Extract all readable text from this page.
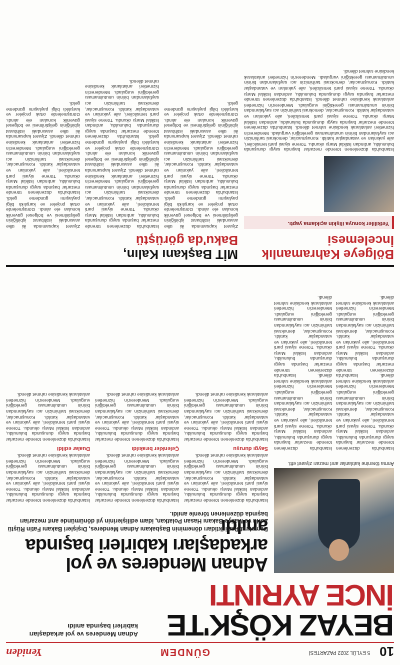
10
5 EYLÜL 2022 PAZARTESİ
GÜNDEM
Yeniden
BEYAZ KÖŞK'TE
İNCE AYRINTI
Adnan Menderes ve yol arkadaşları kabirleri başında anıldı
Anma törenine katılanlar anıt mezarı ziyaret etti.
Adnan Menderes ve yol arkadaşları kabirleri başında anıldı
Demokrat Parti iktidarı döneminin Başbakanı Adnan Menderes, Dışişleri Bakanı Fatin Rüştü Zorlu ve Maliye Bakanı Hasan Polatkan, idam edilişlerinin yıl dönümünde anıt mezarları başında düzenlenen törenle anıldı.
İstanbul'da düzenlenen törende mezarlar başında saygı duruşunda bulunuldu, ardından İstiklal Marşı okundu. Törene siyasi parti temsilcileri, aile yakınları ve vatandaşlar katıldı. Konuşmacılar, demokrasi tarihimizin acı sayfalarından birinin unutulmaması gerektiğini vurguladı. Menderes'in hizmetleri anlatılarak kendisine rahmet dilendi.
Saygı duruşu
İstanbul'da düzenlenen törende mezarlar başında saygı duruşunda bulunuldu, ardından İstiklal Marşı okundu. Törene siyasi parti temsilcileri, aile yakınları ve vatandaşlar katıldı. Konuşmacılar, demokrasi tarihimizin acı sayfalarından birinin unutulmaması gerektiğini vurguladı. Menderes'in hizmetleri anlatılarak kendisine rahmet dilendi.
İstanbul'da düzenlenen törende mezarlar başında saygı duruşunda bulunuldu, ardından İstiklal Marşı okundu. Törene siyasi parti temsilcileri, aile yakınları ve vatandaşlar katıldı. Konuşmacılar, demokrasi tarihimizin acı sayfalarından birinin unutulmaması gerektiğini vurguladı. Menderes'in hizmetleri anlatılarak kendisine rahmet dilendi.
Çelenkler bırakıldı
İstanbul'da düzenlenen törende mezarlar başında saygı duruşunda bulunuldu, ardından İstiklal Marşı okundu. Törene siyasi parti temsilcileri, aile yakınları ve vatandaşlar katıldı. Konuşmacılar, demokrasi tarihimizin acı sayfalarından birinin unutulmaması gerektiğini vurguladı. Menderes'in hizmetleri anlatılarak kendisine rahmet dilendi.
İstanbul'da düzenlenen törende mezarlar başında saygı duruşunda bulunuldu, ardından İstiklal Marşı okundu. Törene siyasi parti temsilcileri, aile yakınları ve vatandaşlar katıldı. Konuşmacılar, demokrasi tarihimizin acı sayfalarından birinin unutulmaması gerektiğini vurguladı. Menderes'in hizmetleri anlatılarak kendisine rahmet dilendi.
Dualar edildi
İstanbul'da düzenlenen törende mezarlar başında saygı duruşunda bulunuldu, ardından İstiklal Marşı okundu. Törene siyasi parti temsilcileri, aile yakınları ve vatandaşlar katıldı. Konuşmacılar, demokrasi tarihimizin acı sayfalarından birinin unutulmaması gerektiğini vurguladı. Menderes'in hizmetleri anlatılarak kendisine rahmet dilendi.
İstanbul'da düzenlenen törende mezarlar başında saygı duruşunda bulunuldu, ardından İstiklal Marşı okundu. Törene siyasi parti temsilcileri, aile yakınları ve vatandaşlar katıldı. Konuşmacılar, demokrasi tarihimizin acı sayfalarından birinin unutulmaması gerektiğini vurguladı. Menderes'in hizmetleri anlatılarak kendisine rahmet dilendi. İstanbul'da düzenlenen törende mezarlar başında saygı duruşunda bulunuldu, ardından İstiklal Marşı okundu. Törene siyasi parti temsilcileri, aile yakınları ve vatandaşlar katıldı. Konuşmacılar, demokrasi tarihimizin acı sayfalarından birinin unutulmaması gerektiğini vurguladı. Menderes'in hizmetleri anlatılarak kendisine rahmet dilendi.
İstanbul'da düzenlenen törende mezarlar başında saygı duruşunda bulunuldu, ardından İstiklal Marşı okundu. Törene siyasi parti temsilcileri, aile yakınları ve vatandaşlar katıldı. Konuşmacılar, demokrasi tarihimizin acı sayfalarından birinin unutulmaması gerektiğini vurguladı. Menderes'in hizmetleri anlatılarak kendisine rahmet dilendi. İstanbul'da düzenlenen törende mezarlar başında saygı duruşunda bulunuldu, ardından İstiklal Marşı okundu. Törene siyasi parti temsilcileri, aile yakınları ve vatandaşlar katıldı. Konuşmacılar, demokrasi tarihimizin acı sayfalarından birinin unutulmaması gerektiğini vurguladı. Menderes'in hizmetleri anlatılarak kendisine rahmet dilendi.
Bölgeye Kahramanlık İncelemesi
Yetkililer konuya ilişkin açıklama yaptı.
İstanbul'da düzenlenen törende mezarlar başında saygı duruşunda bulunuldu, ardından İstiklal Marşı okundu. Törene siyasi parti temsilcileri, aile yakınları ve vatandaşlar katıldı. Konuşmacılar, demokrasi tarihimizin acı sayfalarından birinin unutulmaması gerektiğini vurguladı. Menderes'in hizmetleri anlatılarak kendisine rahmet dilendi. İstanbul'da düzenlenen törende mezarlar başında saygı duruşunda bulunuldu, ardından İstiklal Marşı okundu. Törene siyasi parti temsilcileri, aile yakınları ve vatandaşlar katıldı. Konuşmacılar, demokrasi tarihimizin acı sayfalarından birinin unutulmaması gerektiğini vurguladı. Menderes'in hizmetleri anlatılarak kendisine rahmet dilendi. İstanbul'da düzenlenen törende mezarlar başında saygı duruşunda bulunuldu, ardından İstiklal Marşı okundu. Törene siyasi parti temsilcileri, aile yakınları ve vatandaşlar katıldı. Konuşmacılar, demokrasi tarihimizin acı sayfalarından birinin unutulmaması gerektiğini vurguladı. Menderes'in hizmetleri anlatılarak kendisine rahmet dilendi.
MİT Başkanı Kalın,
Baku'da görüştü
Ziyaret kapsamında iki ülke arasındaki istihbarat işbirliğinin geliştirilmesi ve bölgesel güvenlik konuları ele alındı. Görüşmelerde ortak projeler ve karşılıklı bilgi paylaşımı gündeme geldi. İstanbul'da düzenlenen törende mezarlar başında saygı duruşunda bulunuldu, ardından İstiklal Marşı okundu. Törene siyasi parti temsilcileri, aile yakınları ve vatandaşlar katıldı. Konuşmacılar, demokrasi tarihimizin acı sayfalarından birinin unutulmaması gerektiğini vurguladı. Menderes'in hizmetleri anlatılarak kendisine rahmet dilendi. Ziyaret kapsamında iki ülke arasındaki istihbarat işbirliğinin geliştirilmesi ve bölgesel güvenlik konuları ele alındı. Görüşmelerde ortak projeler ve karşılıklı bilgi paylaşımı gündeme geldi.
İstanbul'da düzenlenen törende mezarlar başında saygı duruşunda bulunuldu, ardından İstiklal Marşı okundu. Törene siyasi parti temsilcileri, aile yakınları ve vatandaşlar katıldı. Konuşmacılar, demokrasi tarihimizin acı sayfalarından birinin unutulmaması gerektiğini vurguladı. Menderes'in hizmetleri anlatılarak kendisine rahmet dilendi. Ziyaret kapsamında iki ülke arasındaki istihbarat işbirliğinin geliştirilmesi ve bölgesel güvenlik konuları ele alındı. Görüşmelerde ortak projeler ve karşılıklı bilgi paylaşımı gündeme geldi. İstanbul'da düzenlenen törende mezarlar başında saygı duruşunda bulunuldu, ardından İstiklal Marşı okundu. Törene siyasi parti temsilcileri, aile yakınları ve vatandaşlar katıldı. Konuşmacılar, demokrasi tarihimizin acı sayfalarından birinin unutulmaması gerektiğini vurguladı. Menderes'in hizmetleri anlatılarak kendisine rahmet dilendi.
Ziyaret kapsamında iki ülke arasındaki istihbarat işbirliğinin geliştirilmesi ve bölgesel güvenlik konuları ele alındı. Görüşmelerde ortak projeler ve karşılıklı bilgi paylaşımı gündeme geldi. İstanbul'da düzenlenen törende mezarlar başında saygı duruşunda bulunuldu, ardından İstiklal Marşı okundu. Törene siyasi parti temsilcileri, aile yakınları ve vatandaşlar katıldı. Konuşmacılar, demokrasi tarihimizin acı sayfalarından birinin unutulmaması gerektiğini vurguladı. Menderes'in hizmetleri anlatılarak kendisine rahmet dilendi. Ziyaret kapsamında iki ülke arasındaki istihbarat işbirliğinin geliştirilmesi ve bölgesel güvenlik konuları ele alındı. Görüşmelerde ortak projeler ve karşılıklı bilgi paylaşımı gündeme geldi.
